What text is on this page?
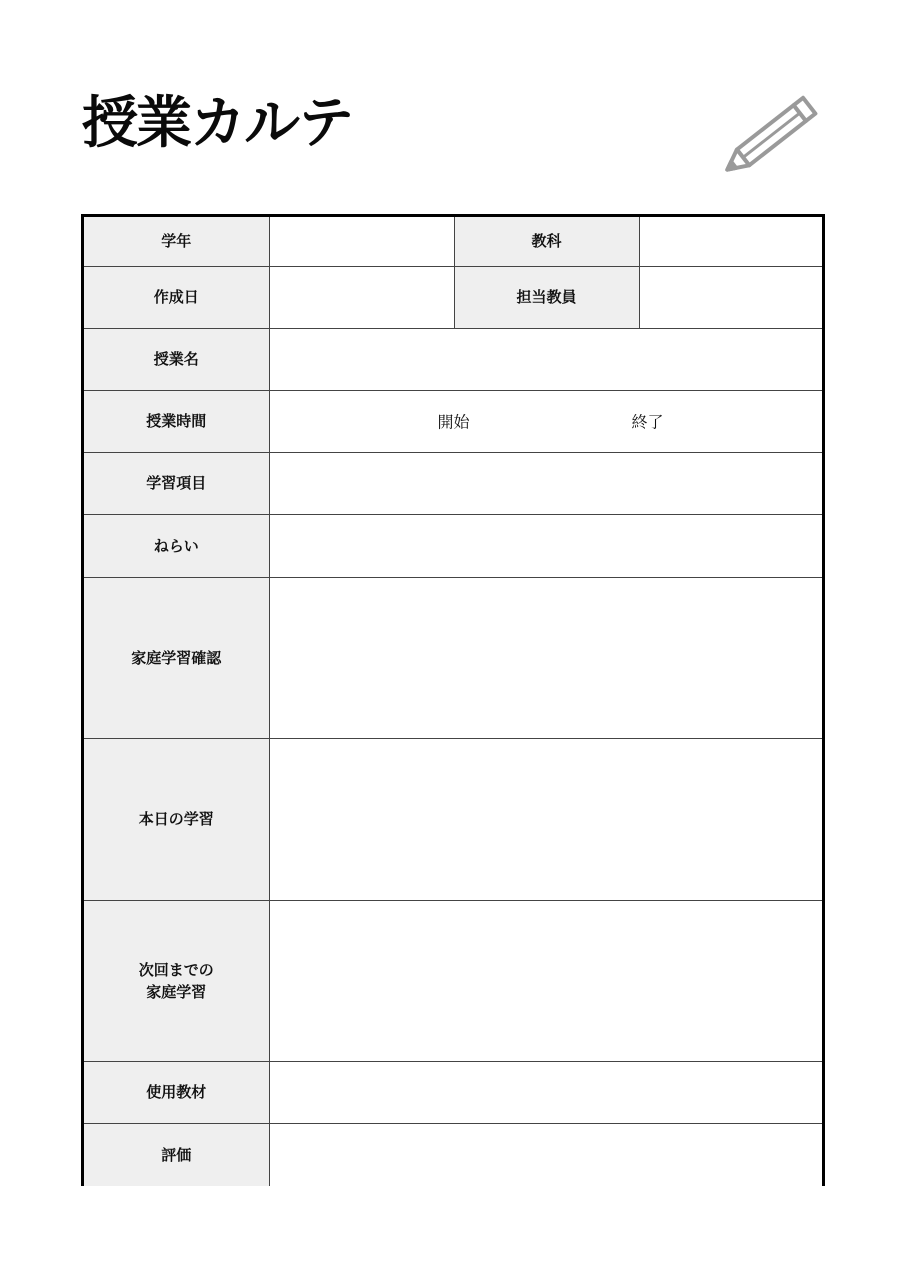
授業カルテ
学年		教科	
作成日		担当教員	
授業名			
授業時間	開始 終了		

学習項目			
ねらい			
家庭学習確認			
本日の学習			

次回までの
家庭学習			

使用教材			
評価			
